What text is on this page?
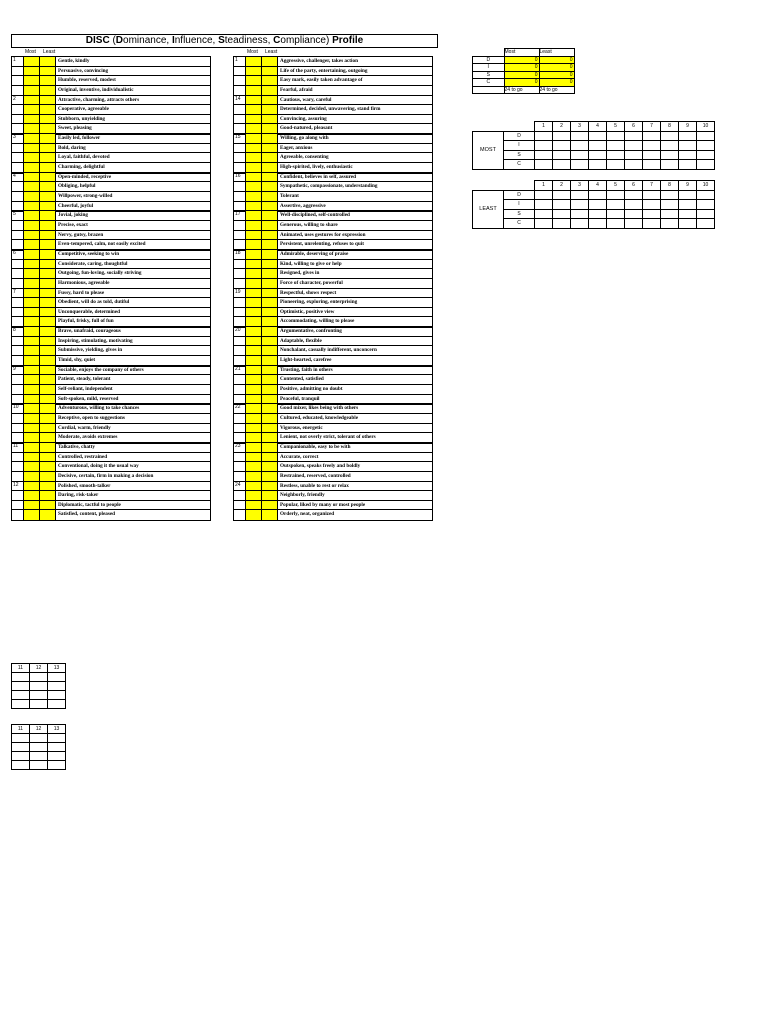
DISC (Dominance, Influence, Steadiness, Compliance) Profile
Most Least	Most Least
1	Gentle, kindly
Persuasive, convincing
Humble, reserved, modest
Original, inventive, individualistic
2	Attractive, charming, attracts others
Cooperative, agreeable
Stubborn, unyielding
Sweet, pleasing
3	Easily led, follower
Bold, daring
Loyal, faithful, devoted
Charming, delightful
4	Open-minded, receptive
Obliging, helpful
Willpower, strong-willed
Cheerful, joyful
5	Jovial, joking
Precise, exact
Nervy, gutsy, brazen
Even-tempered, calm, not easily excited
6	Competitive, seeking to win
Considerate, caring, thoughtful
Outgoing, fun-loving, socially striving
Harmonious, agreeable
7	Fussy, hard to please
Obedient, will do as told, dutiful
Unconquerable, determined
Playful, frisky, full of fun
8	Brave, unafraid, courageous
Inspiring, stimulating, motivating
Submissive, yielding, gives in
Timid, shy, quiet
9	Sociable, enjoys the company of others
Patient, steady, tolerant
Self-reliant, independent
Soft-spoken, mild, reserved
10	Adventurous, willing to take chances
Receptive, open to suggestions
Cordial, warm, friendly
Moderate, avoids extremes
11	Talkative, chatty
Controlled, restrained
Conventional, doing it the usual way
Decisive, certain, firm in making a decision
12	Polished, smooth-talker
Daring, risk-taker
Diplomatic, tactful to people
Satisfied, content, pleased
1	Aggressive, challenger, takes action
Life of the party, entertaining, outgoing
Easy mark, easily taken advantage of
Fearful, afraid
14	Cautious, wary, careful
Determined, decided, unwavering, stand firm
Convincing, assuring
Good-natured, pleasant
15	Willing, go along with
Eager, anxious
Agreeable, consenting
High-spirited, lively, enthusiastic
16	Confident, believes in self, assured
Sympathetic, compassionate, understanding
Tolerant
Assertive, aggressive
17	Well-disciplined, self-controlled
Generous, willing to share
Animated, uses gestures for expression
Persistent, unrelenting, refuses to quit
18	Admirable, deserving of praise
Kind, willing to give or help
Resigned, gives in
Force of character, powerful
19	Respectful, shows respect
Pioneering, exploring, enterprising
Optimistic, positive view
Accommodating, willing to please
20	Argumentative, confronting
Adaptable, flexible
Nonchalant, casually indifferent, unconcern
Light-hearted, carefree
21	Trusting, faith in others
Contented, satisfied
Positive, admitting no doubt
Peaceful, tranquil
22	Good mixer, likes being with others
Cultured, educated, knowledgeable
Vigorous, energetic
Lenient, not overly strict, tolerant of others
23	Companionable, easy to be with
Accurate, correct
Outspoken, speaks freely and boldly
Restrained, reserved, controlled
24	Restless, unable to rest or relax
Neighborly, friendly
Popular, liked by many or most people
Orderly, neat, organized
	Most	Least
D	0	0
I	0	0
S	0	0
C	0	0
	24 to go	24 to go
		1	2	3	4	5	6	7	8	9	10
MOST	D										
	I										
	S										
	C										
		1	2	3	4	5	6	7	8	9	10
LEAST	D										
	I										
	S										
	C										
11	12	13

11	12	13
